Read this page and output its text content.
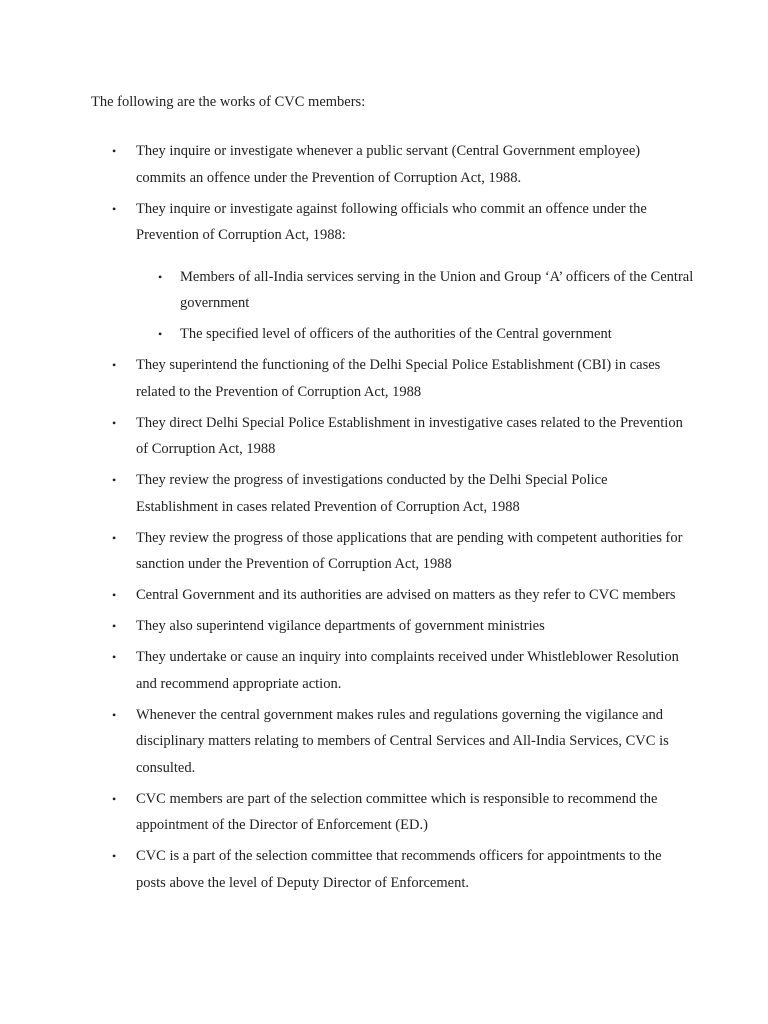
The following are the works of CVC members:

• They inquire or investigate whenever a public servant (Central Government employee) commits an offence under the Prevention of Corruption Act, 1988.
• They inquire or investigate against following officials who commit an offence under the Prevention of Corruption Act, 1988:
• Members of all-India services serving in the Union and Group ‘A’ officers of the Central government
• The specified level of officers of the authorities of the Central government
• They superintend the functioning of the Delhi Special Police Establishment (CBI) in cases related to the Prevention of Corruption Act, 1988
• They direct Delhi Special Police Establishment in investigative cases related to the Prevention of Corruption Act, 1988
• They review the progress of investigations conducted by the Delhi Special Police Establishment in cases related Prevention of Corruption Act, 1988
• They review the progress of those applications that are pending with competent authorities for sanction under the Prevention of Corruption Act, 1988
• Central Government and its authorities are advised on matters as they refer to CVC members
• They also superintend vigilance departments of government ministries
• They undertake or cause an inquiry into complaints received under Whistleblower Resolution and recommend appropriate action.
• Whenever the central government makes rules and regulations governing the vigilance and disciplinary matters relating to members of Central Services and All-India Services, CVC is consulted.
• CVC members are part of the selection committee which is responsible to recommend the appointment of the Director of Enforcement (ED.)
• CVC is a part of the selection committee that recommends officers for appointments to the posts above the level of Deputy Director of Enforcement.
